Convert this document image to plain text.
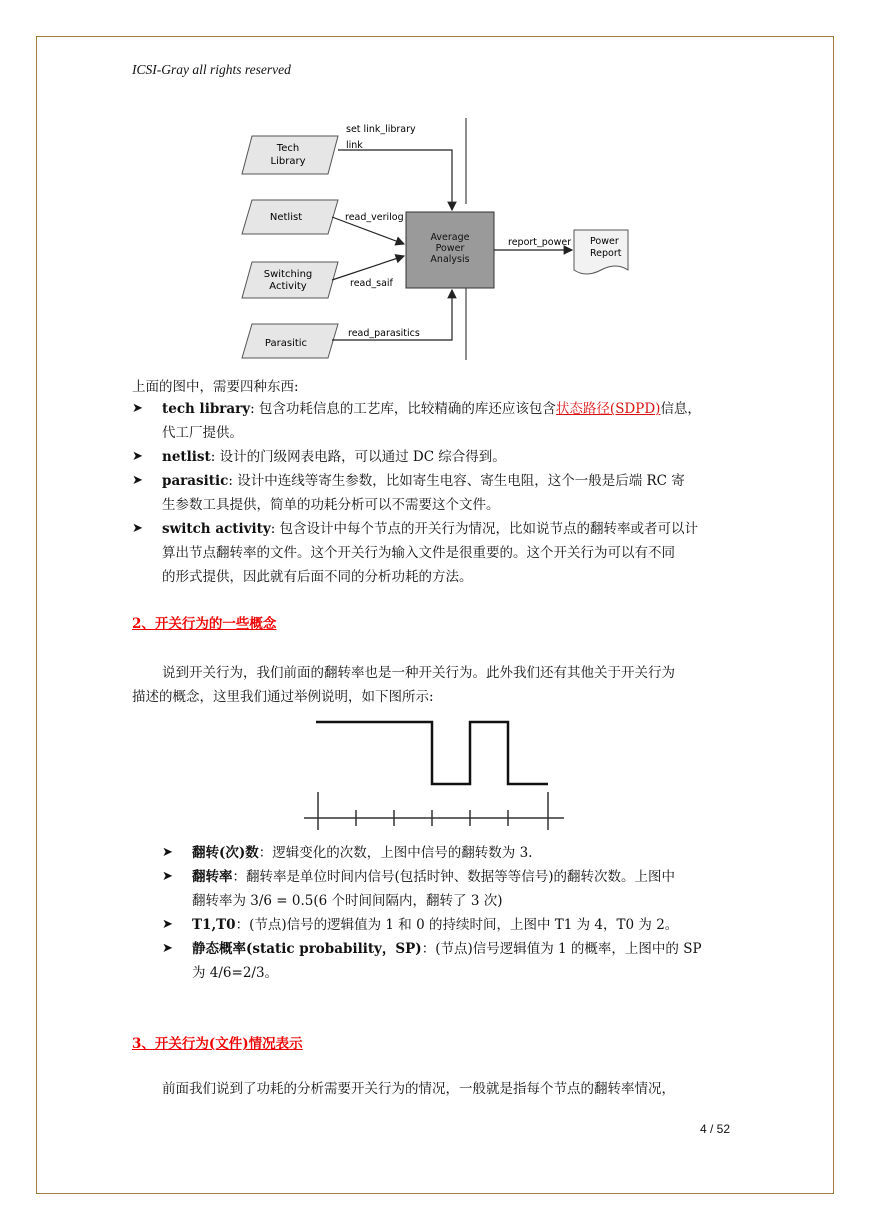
ICSI-Gray all rights reserved
Tech
Library
Netlist
Switching
Activity
Parasitic
set link_library
link
read_verilog
read_saif
read_parasitics
report_power
Average
Power
Analysis
Power
Report
上面的图中，需要四种东西:
➤ tech library: 包含功耗信息的工艺库，比较精确的库还应该包含状态路径(SDPD)信息，
代工厂提供。
➤ netlist: 设计的门级网表电路，可以通过 DC 综合得到。
➤ parasitic: 设计中连线等寄生参数，比如寄生电容、寄生电阻，这个一般是后端 RC 寄
生参数工具提供，简单的功耗分析可以不需要这个文件。
➤ switch activity: 包含设计中每个节点的开关行为情况，比如说节点的翻转率或者可以计
算出节点翻转率的文件。这个开关行为输入文件是很重要的。这个开关行为可以有不同
的形式提供，因此就有后面不同的分析功耗的方法。
2、开关行为的一些概念
说到开关行为，我们前面的翻转率也是一种开关行为。此外我们还有其他关于开关行为
描述的概念，这里我们通过举例说明，如下图所示:
➤ 翻转(次)数：逻辑变化的次数，上图中信号的翻转数为 3.
➤ 翻转率：翻转率是单位时间内信号(包括时钟、数据等等信号)的翻转次数。上图中
翻转率为 3/6 = 0.5(6 个时间间隔内，翻转了 3 次)
➤ T1,T0：(节点)信号的逻辑值为 1 和 0 的持续时间，上图中 T1 为 4，T0 为 2。
➤ 静态概率(static probability，SP)：(节点)信号逻辑值为 1 的概率，上图中的 SP
为 4/6=2/3。
3、开关行为(文件)情况表示
前面我们说到了功耗的分析需要开关行为的情况，一般就是指每个节点的翻转率情况，
4 / 52
